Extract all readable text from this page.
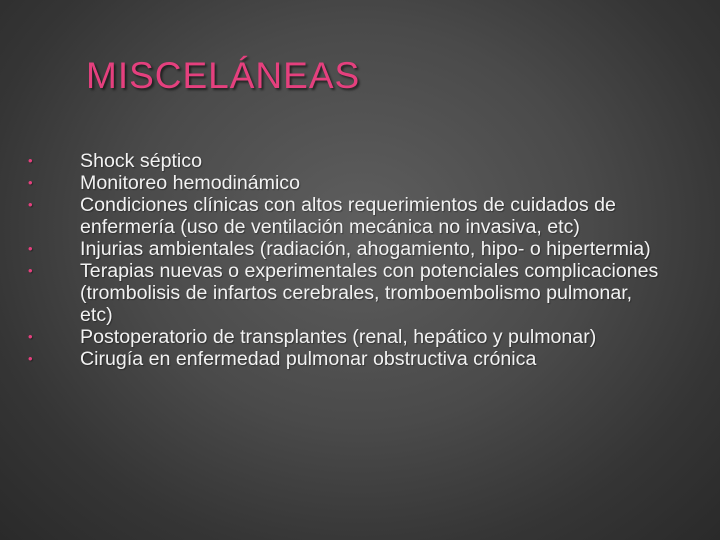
MISCELÁNEAS
•	Shock séptico
•	Monitoreo hemodinámico
•	Condiciones clínicas con altos requerimientos de cuidados de enfermería (uso de ventilación mecánica no invasiva, etc)
•	Injurias ambientales (radiación, ahogamiento, hipo- o hipertermia)
•	Terapias nuevas o experimentales con potenciales complicaciones (trombolisis de infartos cerebrales, tromboembolismo pulmonar, etc)
•	Postoperatorio de transplantes (renal, hepático y pulmonar)
•	Cirugía en enfermedad pulmonar obstructiva crónica
